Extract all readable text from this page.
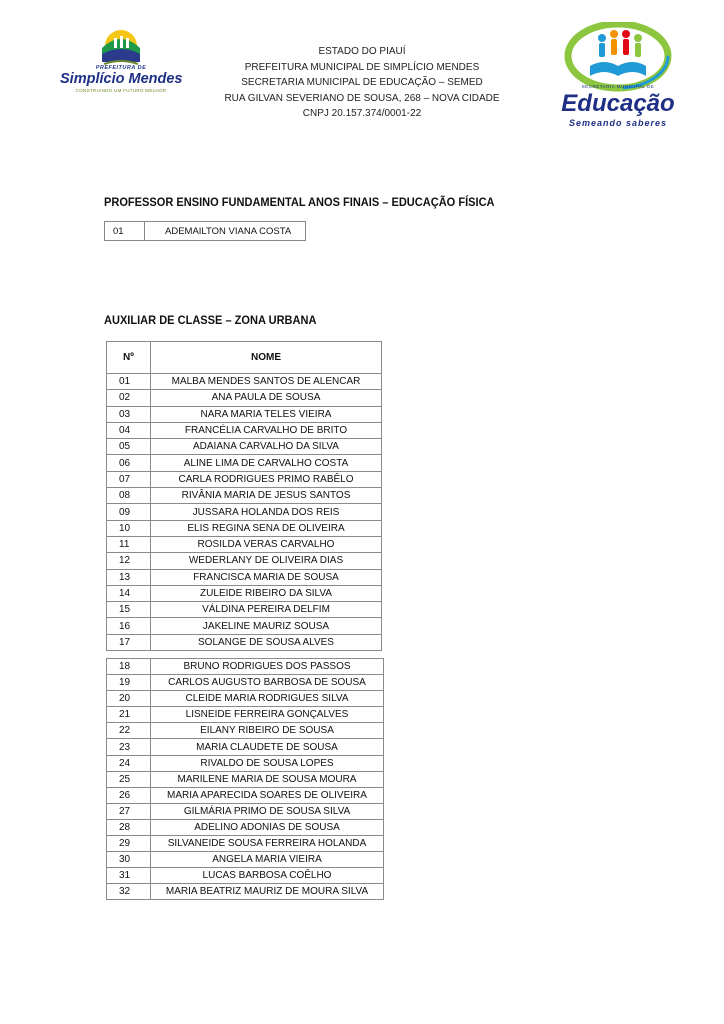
PREFEITURA DE
Simplício Mendes
CONSTRUINDO UM FUTURO MELHOR
ESTADO DO PIAUÍ
PREFEITURA MUNICIPAL DE SIMPLÍCIO MENDES
SECRETARIA MUNICIPAL DE EDUCAÇÃO – SEMED
RUA GILVAN SEVERIANO DE SOUSA, 268 – NOVA CIDADE
CNPJ 20.157.374/0001-22	Educação
Semeando saberes
SECRETARIA MUNICIPAL DE
PROFESSOR ENSINO FUNDAMENTAL ANOS FINAIS – EDUCAÇÃO FÍSICA
01	ADEMAILTON VIANA COSTA
AUXILIAR DE CLASSE – ZONA URBANA
Nº	NOME
01	MALBA MENDES SANTOS DE ALENCAR
02	ANA PAULA DE SOUSA
03	NARA MARIA TELES VIEIRA
04	FRANCÉLIA CARVALHO DE BRITO
05	ADAIANA CARVALHO DA SILVA
06	ALINE LIMA DE CARVALHO COSTA
07	CARLA RODRIGUES PRIMO RABÊLO
08	RIVÂNIA MARIA DE JESUS SANTOS
09	JUSSARA HOLANDA DOS REIS
10	ELIS REGINA SENA DE OLIVEIRA
11	ROSILDA VERAS CARVALHO
12	WEDERLANY DE OLIVEIRA DIAS
13	FRANCISCA MARIA DE SOUSA
14	ZULEIDE RIBEIRO DA SILVA
15	VÁLDINA PEREIRA DELFIM
16	JAKELINE MAURIZ SOUSA
17	SOLANGE DE SOUSA ALVES
18	BRUNO RODRIGUES DOS PASSOS
19	CARLOS AUGUSTO BARBOSA DE SOUSA
20	CLEIDE MARIA RODRIGUES SILVA
21	LISNEIDE FERREIRA GONÇALVES
22	EILANY RIBEIRO DE SOUSA
23	MARIA CLAUDETE DE SOUSA
24	RIVALDO DE SOUSA LOPES
25	MARILENE MARIA DE SOUSA MOURA
26	MARIA APARECIDA SOARES DE OLIVEIRA
27	GILMÁRIA PRIMO DE SOUSA SILVA
28	ADELINO ADONIAS DE SOUSA
29	SILVANEIDE SOUSA FERREIRA HOLANDA
30	ANGELA MARIA VIEIRA
31	LUCAS BARBOSA COÊLHO
32	MARIA BEATRIZ MAURIZ DE MOURA SILVA
